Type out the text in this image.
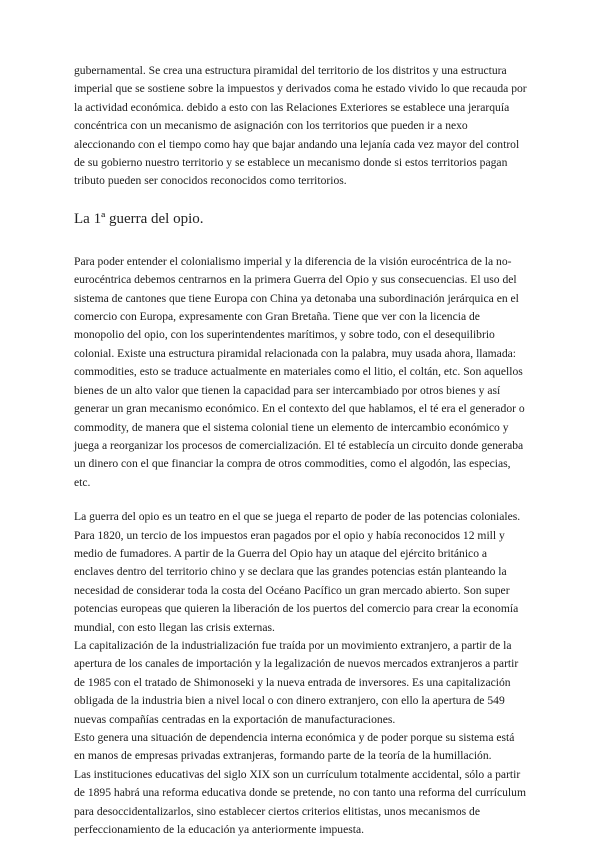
gubernamental. Se crea una estructura piramidal del territorio de los distritos y una estructura imperial que se sostiene sobre la impuestos y derivados coma he estado vivido lo que recauda por la actividad económica. debido a esto con las Relaciones Exteriores se establece una jerarquía concéntrica con un mecanismo de asignación con los territorios que pueden ir a nexo aleccionando con el tiempo como hay que bajar andando una lejanía cada vez mayor del control de su gobierno nuestro territorio y se establece un mecanismo donde si estos territorios pagan tributo pueden ser conocidos reconocidos como territorios.

La 1ª guerra del opio.

Para poder entender el colonialismo imperial y la diferencia de la visión eurocéntrica de la no-eurocéntrica debemos centrarnos en la primera Guerra del Opio y sus consecuencias. El uso del sistema de cantones que tiene Europa con China ya detonaba una subordinación jerárquica en el comercio con Europa, expresamente con Gran Bretaña. Tiene que ver con la licencia de monopolio del opio, con los superintendentes marítimos, y sobre todo, con el desequilibrio colonial. Existe una estructura piramidal relacionada con la palabra, muy usada ahora, llamada: commodities, esto se traduce actualmente en materiales como el litio, el coltán, etc. Son aquellos bienes de un alto valor que tienen la capacidad para ser intercambiado por otros bienes y así generar un gran mecanismo económico. En el contexto del que hablamos, el té era el generador o commodity, de manera que el sistema colonial tiene un elemento de intercambio económico y juega a reorganizar los procesos de comercialización. El té establecía un circuito donde generaba un dinero con el que financiar la compra de otros commodities, como el algodón, las especias, etc.

La guerra del opio es un teatro en el que se juega el reparto de poder de las potencias coloniales. Para 1820, un tercio de los impuestos eran pagados por el opio y había reconocidos 12 mill y medio de fumadores. A partir de la Guerra del Opio hay un ataque del ejército británico a enclaves dentro del territorio chino y se declara que las grandes potencias están planteando la necesidad de considerar toda la costa del Océano Pacífico un gran mercado abierto. Son super potencias europeas que quieren la liberación de los puertos del comercio para crear la economía mundial, con esto llegan las crisis externas.

La capitalización de la industrialización fue traída por un movimiento extranjero, a partir de la apertura de los canales de importación y la legalización de nuevos mercados extranjeros a partir de 1985 con el tratado de Shimonoseki y la nueva entrada de inversores. Es una capitalización obligada de la industria bien a nivel local o con dinero extranjero, con ello la apertura de 549 nuevas compañías centradas en la exportación de manufacturaciones.

Esto genera una situación de dependencia interna económica y de poder porque su sistema está en manos de empresas privadas extranjeras, formando parte de la teoría de la humillación.

Las instituciones educativas del siglo XIX son un currículum totalmente accidental, sólo a partir de 1895 habrá una reforma educativa donde se pretende, no con tanto una reforma del currículum para desoccidentalizarlos, sino establecer ciertos criterios elitistas, unos mecanismos de perfeccionamiento de la educación ya anteriormente impuesta.
